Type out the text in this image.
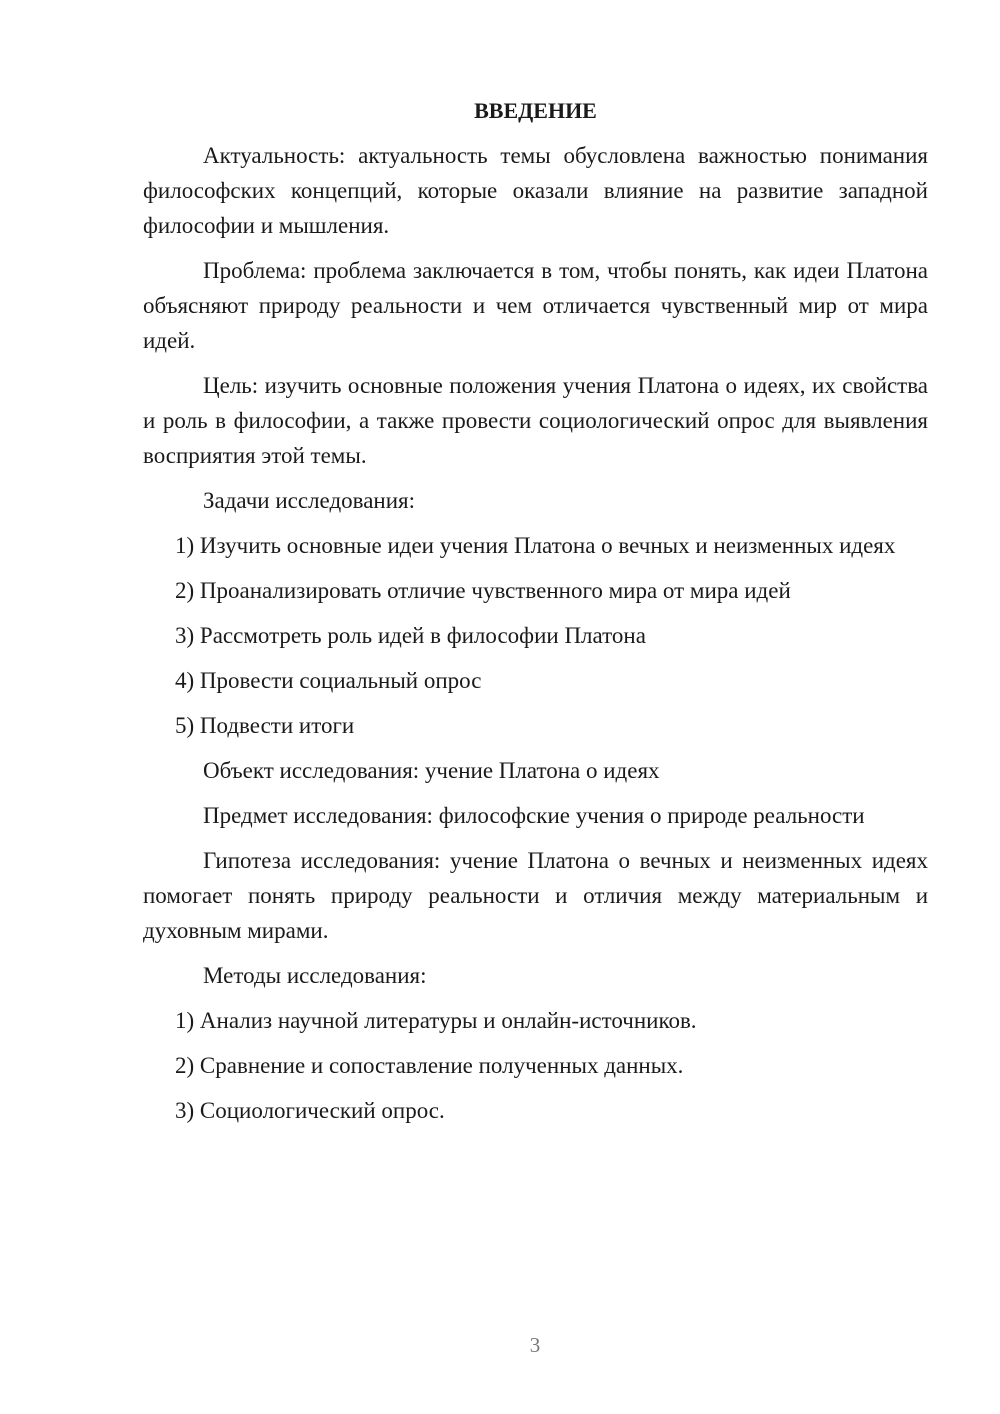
ВВЕДЕНИЕ

Актуальность: актуальность темы обусловлена важностью понимания философских концепций, которые оказали влияние на развитие западной философии и мышления.

Проблема: проблема заключается в том, чтобы понять, как идеи Платона объясняют природу реальности и чем отличается чувственный мир от мира идей.

Цель: изучить основные положения учения Платона о идеях, их свойства и роль в философии, а также провести социологический опрос для выявления восприятия этой темы.

Задачи исследования:

1) Изучить основные идеи учения Платона о вечных и неизменных идеях

2) Проанализировать отличие чувственного мира от мира идей

3) Рассмотреть роль идей в философии Платона

4) Провести социальный опрос

5) Подвести итоги

Объект исследования: учение Платона о идеях

Предмет исследования: философские учения о природе реальности

Гипотеза исследования: учение Платона о вечных и неизменных идеях помогает понять природу реальности и отличия между материальным и духовным мирами.

Методы исследования:

1) Анализ научной литературы и онлайн-источников.

2) Сравнение и сопоставление полученных данных.

3) Социологический опрос.

3
